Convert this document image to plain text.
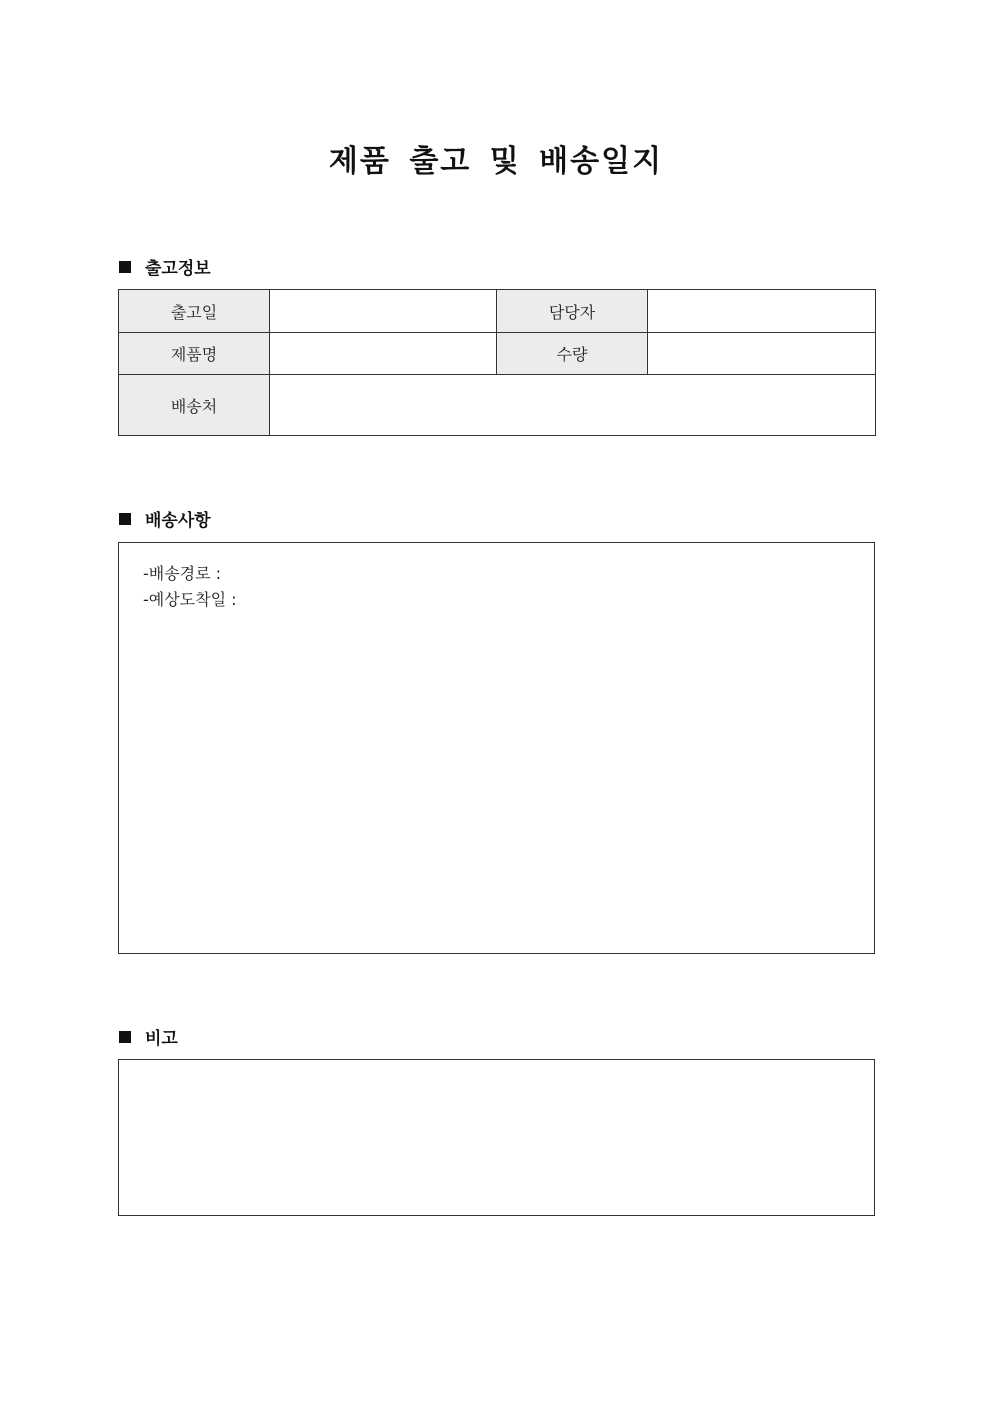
제품 출고 및 배송일지
출고정보
출고일		담당자	
제품명		수량	
배송처			
배송사항
-배송경로 :
-예상도착일 :
비고
